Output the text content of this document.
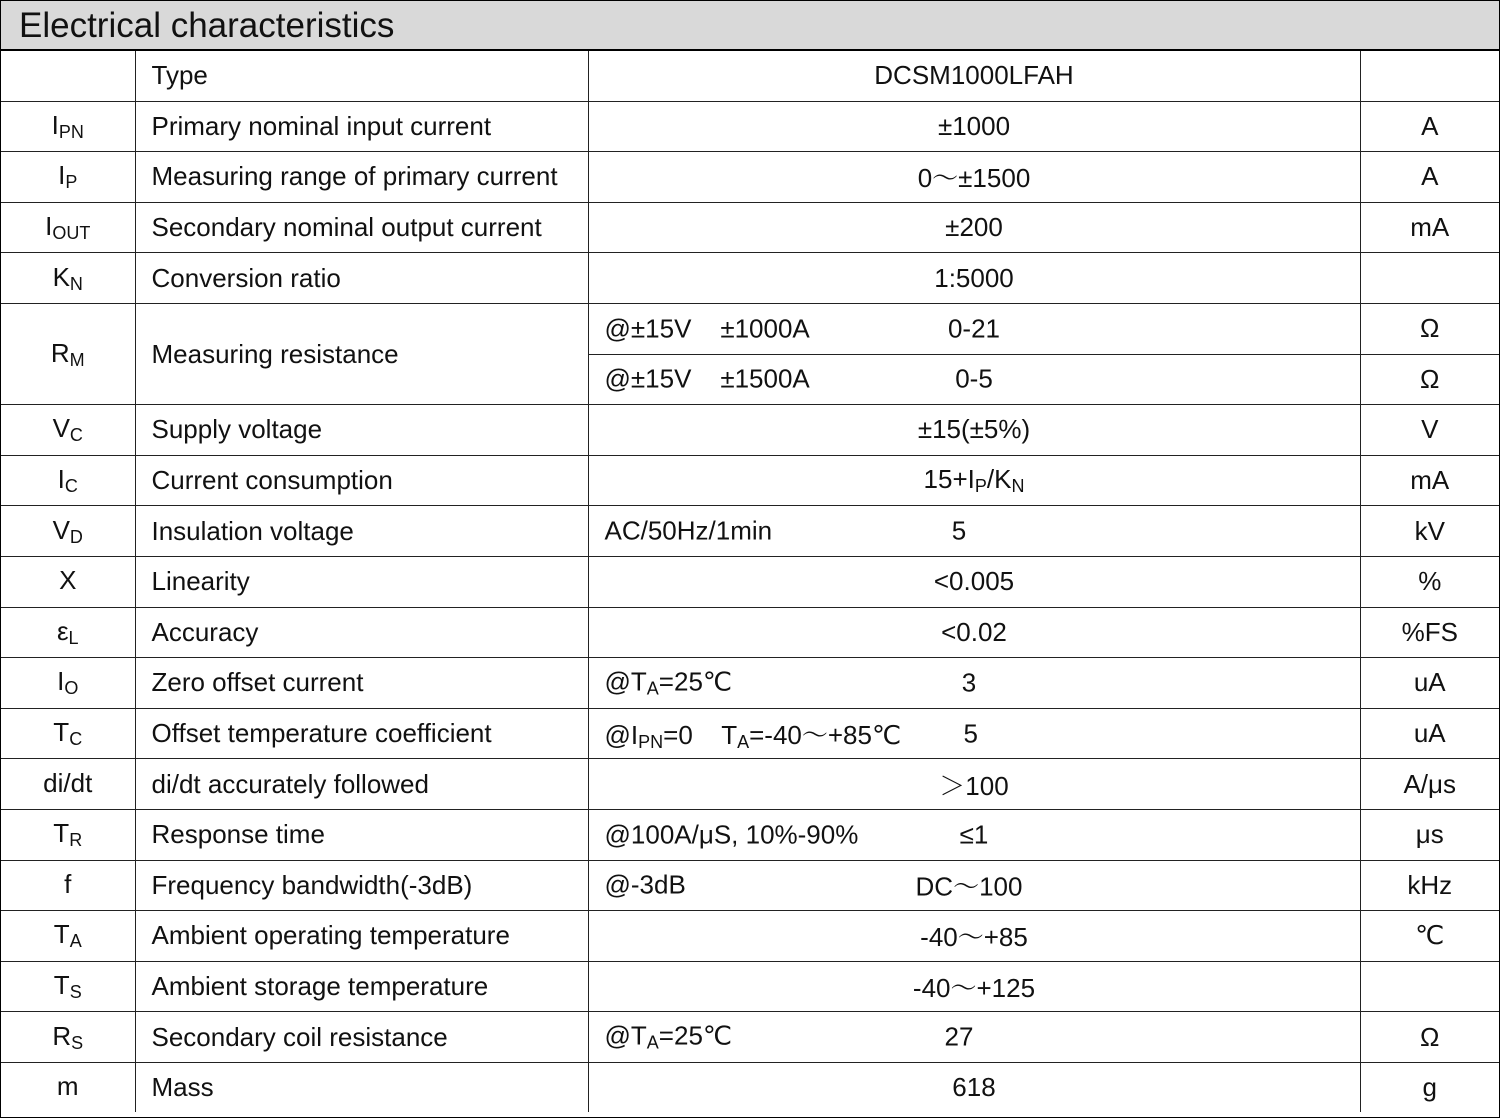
Electrical characteristics
	Type	DCSM1000LFAH	
$I_{PN}$	Primary nominal input current	±1000	A
$I_P$	Measuring range of primary current	0～±1500	A
$I_{OUT}$	Secondary nominal output current	±200	mA
$K_N$	Conversion ratio	1:5000	
$R_M$	Measuring resistance	@±15V    ±1000A 0-21	Ω

		@±15V    ±1500A 0-5	Ω
$V_C$	Supply voltage	±15(±5%)	V
$I_C$	Current consumption	$15+I_P/K_N$	mA
$V_D$	Insulation voltage	AC/50Hz/1min 5	kV
X	Linearity	<0.005	%
$\varepsilon_L$	Accuracy	<0.02	%FS
$I_O$	Zero offset current	$@T_A=25℃$ 3	uA
$T_C$	Offset temperature coefficient	$@I_{PN}=0$    $T_A=-40\sim+85℃$ 5	uA
di/dt	di/dt accurately followed	＞100	A/μs
$T_R$	Response time	@100A/μS, 10%-90% ≤1	μs
f	Frequency bandwidth(-3dB)	@-3dB DC～100	kHz
$T_A$	Ambient operating temperature	-40～+85	℃
$T_S$	Ambient storage temperature	-40～+125	
$R_S$	Secondary coil resistance	$@T_A=25℃$ 27	Ω
m	Mass	618	g
